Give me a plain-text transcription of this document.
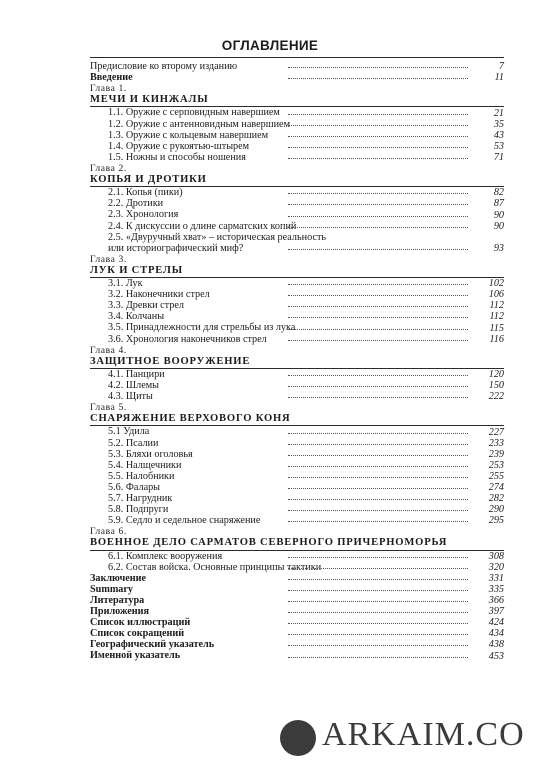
ОГЛАВЛЕНИЕ
Предисловие ко второму изданию	7
Введение	11
Глава 1.
МЕЧИ И КИНЖАЛЫ
1.1. Оружие с серповидным навершием	21
1.2. Оружие с антенновидным навершием	35
1.3. Оружие с кольцевым навершием	43
1.4. Оружие с рукоятью-штырем	53
1.5. Ножны и способы ношения	71
Глава 2.
КОПЬЯ И ДРОТИКИ
2.1. Копья (пики)	82
2.2. Дротики	87
2.3. Хронология	90
2.4. К дискуссии о длине сарматских копий	90
2.5. «Двуручный хват» – историческая реальность
или историографический миф?	93
Глава 3.
ЛУК И СТРЕЛЫ
3.1. Лук	102
3.2. Наконечники стрел	106
3.3. Древки стрел	112
3.4. Колчаны	112
3.5. Принадлежности для стрельбы из лука	115
3.6. Хронология наконечников стрел	116
Глава 4.
ЗАЩИТНОЕ ВООРУЖЕНИЕ
4.1. Панцири	120
4.2. Шлемы	150
4.3. Щиты	222
Глава 5.
СНАРЯЖЕНИЕ ВЕРХОВОГО КОНЯ
5.1 Удила	227
5.2. Псалии	233
5.3. Бляхи оголовья	239
5.4. Налщечники	253
5.5. Налобники	255
5.6. Фалары	274
5.7. Нагрудник	282
5.8. Подпруги	290
5.9. Седло и седельное снаряжение	295
Глава 6.
ВОЕННОЕ ДЕЛО САРМАТОВ СЕВЕРНОГО ПРИЧЕРНОМОРЬЯ
6.1. Комплекс вооружения	308
6.2. Состав войска. Основные принципы тактики	320
Заключение	331
Summary	335
Литература	366
Приложения	397
Список иллюстраций	424
Список сокращений	434
Географический указатель	438
Именной указатель	453
ARKAIM.CO
